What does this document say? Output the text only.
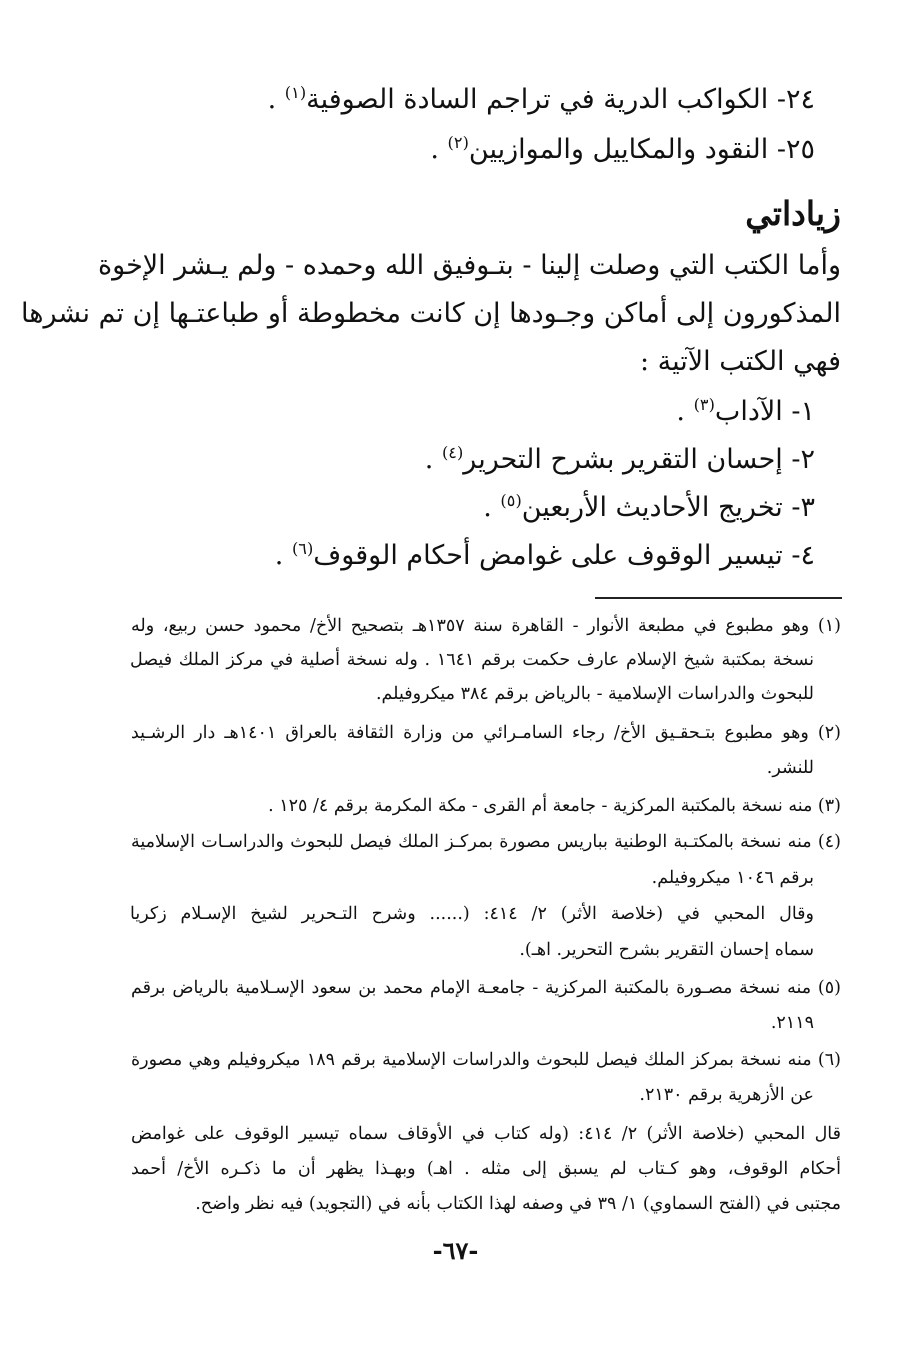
٢٤- الكواكب الدرية في تراجم السادة الصوفية$^{(١)}$ .
٢٥- النقود والمكاييل والموازيين$^{(٢)}$ .
زياداتي
وأما الكتب التي وصلت إلينا - بتـوفيق الله وحمده - ولم يـشر الإخوة
المذكورون إلى أماكن وجـودها إن كانت مخطوطة أو طباعتـها إن تم نشرها
فهي الكتب الآتية :
١- الآداب$^{(٣)}$ .
٢- إحسان التقرير بشرح التحرير$^{(٤)}$ .
٣- تخريج الأحاديث الأربعين$^{(٥)}$ .
٤- تيسير الوقوف على غوامض أحكام الوقوف$^{(٦)}$ .
(١) وهو مطبوع في مطبعة الأنوار - القاهرة سنة ١٣٥٧هـ بتصحيح الأخ/ محمود حسن ربيع، وله
نسخة بمكتبة شيخ الإسلام عارف حكمت برقم ١٦٤١ . وله نسخة أصلية في مركز الملك فيصل
للبحوث والدراسات الإسلامية - بالرياض برقم ٣٨٤ ميكروفيلم.
(٢) وهو مطبوع بتـحقـيق الأخ/ رجاء السامـرائي من وزارة الثقافة بالعراق ١٤٠١هـ دار الرشـيد
للنشر.
(٣) منه نسخة بالمكتبة المركزية - جامعة أم القرى - مكة المكرمة برقم ٤/ ١٢٥ .
(٤) منه نسخة بالمكتـبة الوطنية بباريس مصورة بمركـز الملك فيصل للبحوث والدراسـات الإسلامية
برقم ١٠٤٦ ميكروفيلم.
وقال المحبي في (خلاصة الأثر) ٢/ ٤١٤: (...... وشرح التـحرير لشيخ الإسـلام زكريا
سماه إحسان التقرير بشرح التحرير. اهـ).
(٥) منه نسخة مصـورة بالمكتبة المركزية - جامعـة الإمام محمد بن سعود الإسـلامية بالرياض برقم
٢١١٩.
(٦) منه نسخة بمركز الملك فيصل للبحوث والدراسات الإسلامية برقم ١٨٩ ميكروفيلم وهي مصورة
عن الأزهرية برقم ٢١٣٠.
قال المحبي (خلاصة الأثر) ٢/ ٤١٤: (وله كتاب في الأوقاف سماه تيسير الوقوف على غوامض
أحكام الوقوف، وهو كـتاب لم يسبق إلى مثله . اهـ) وبهـذا يظهر أن ما ذكـره الأخ/ أحمد
مجتبى في (الفتح السماوي) ١/ ٣٩ في وصفه لهذا الكتاب بأنه في (التجويد) فيه نظر واضح.
-٦٧-
